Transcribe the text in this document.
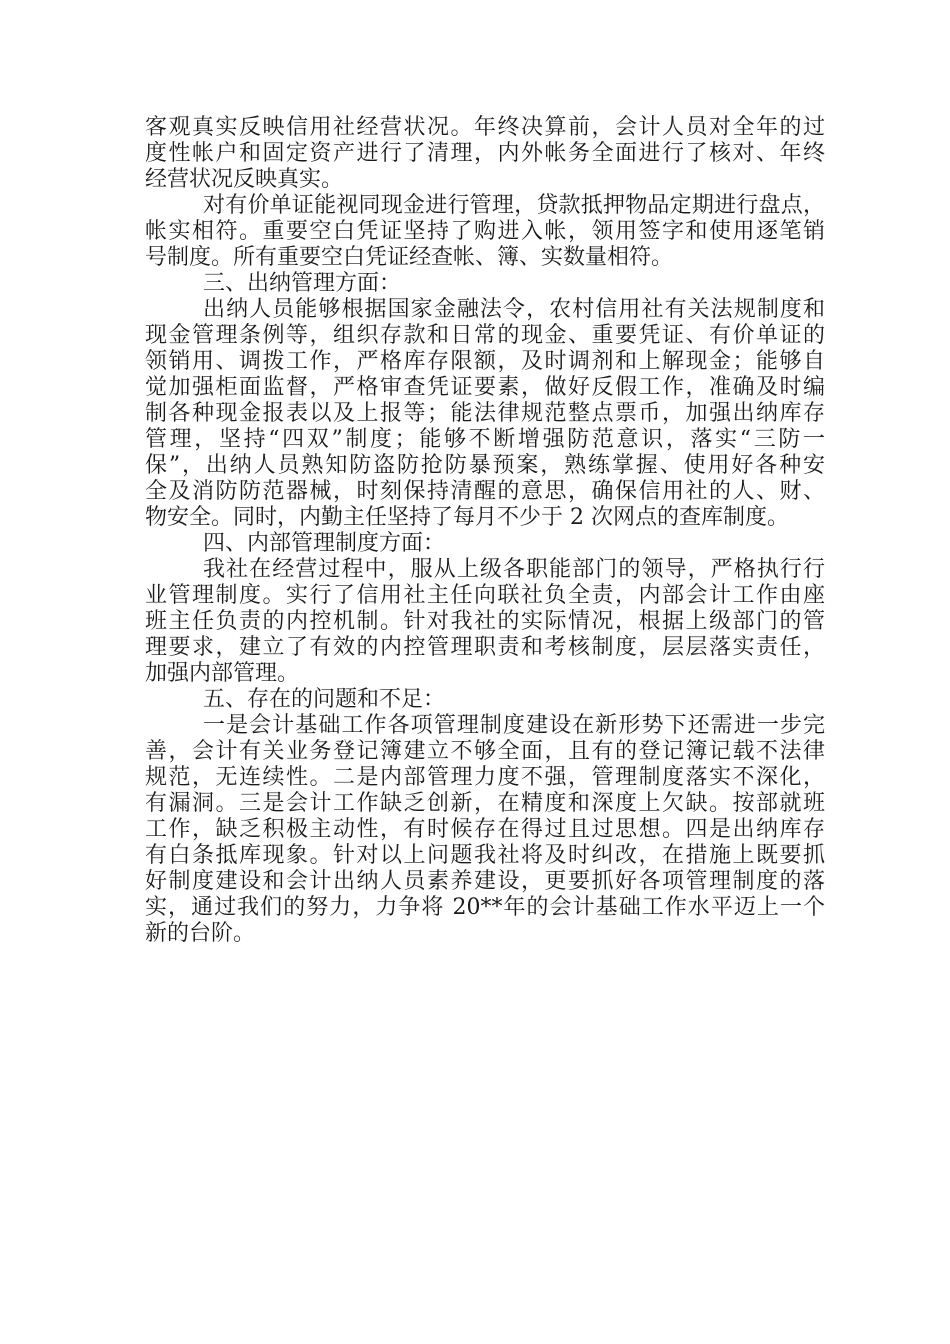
客观真实反映信用社经营状况。年终决算前，会计人员对全年的过
度性帐户和固定资产进行了清理，内外帐务全面进行了核对、年终
经营状况反映真实。
对有价单证能视同现金进行管理，贷款抵押物品定期进行盘点，
帐实相符。重要空白凭证坚持了购进入帐，领用签字和使用逐笔销
号制度。所有重要空白凭证经查帐、簿、实数量相符。
三、出纳管理方面：
出纳人员能够根据国家金融法令，农村信用社有关法规制度和
现金管理条例等，组织存款和日常的现金、重要凭证、有价单证的
领销用、调拨工作，严格库存限额，及时调剂和上解现金；能够自
觉加强柜面监督，严格审查凭证要素，做好反假工作，准确及时编
制各种现金报表以及上报等；能法律规范整点票币，加强出纳库存
管理，坚持“四双”制度；能够不断增强防范意识，落实“三防一
保”，出纳人员熟知防盗防抢防暴预案，熟练掌握、使用好各种安
全及消防防范器械，时刻保持清醒的意思，确保信用社的人、财、
物安全。同时，内勤主任坚持了每月不少于 2 次网点的查库制度。
四、内部管理制度方面：
我社在经营过程中，服从上级各职能部门的领导，严格执行行
业管理制度。实行了信用社主任向联社负全责，内部会计工作由座
班主任负责的内控机制。针对我社的实际情况，根据上级部门的管
理要求，建立了有效的内控管理职责和考核制度，层层落实责任，
加强内部管理。
五、存在的问题和不足：
一是会计基础工作各项管理制度建设在新形势下还需进一步完
善，会计有关业务登记簿建立不够全面，且有的登记簿记载不法律
规范，无连续性。二是内部管理力度不强，管理制度落实不深化，
有漏洞。三是会计工作缺乏创新，在精度和深度上欠缺。按部就班
工作，缺乏积极主动性，有时候存在得过且过思想。四是出纳库存
有白条抵库现象。针对以上问题我社将及时纠改，在措施上既要抓
好制度建设和会计出纳人员素养建设，更要抓好各项管理制度的落
实，通过我们的努力，力争将 20**年的会计基础工作水平迈上一个
新的台阶。
